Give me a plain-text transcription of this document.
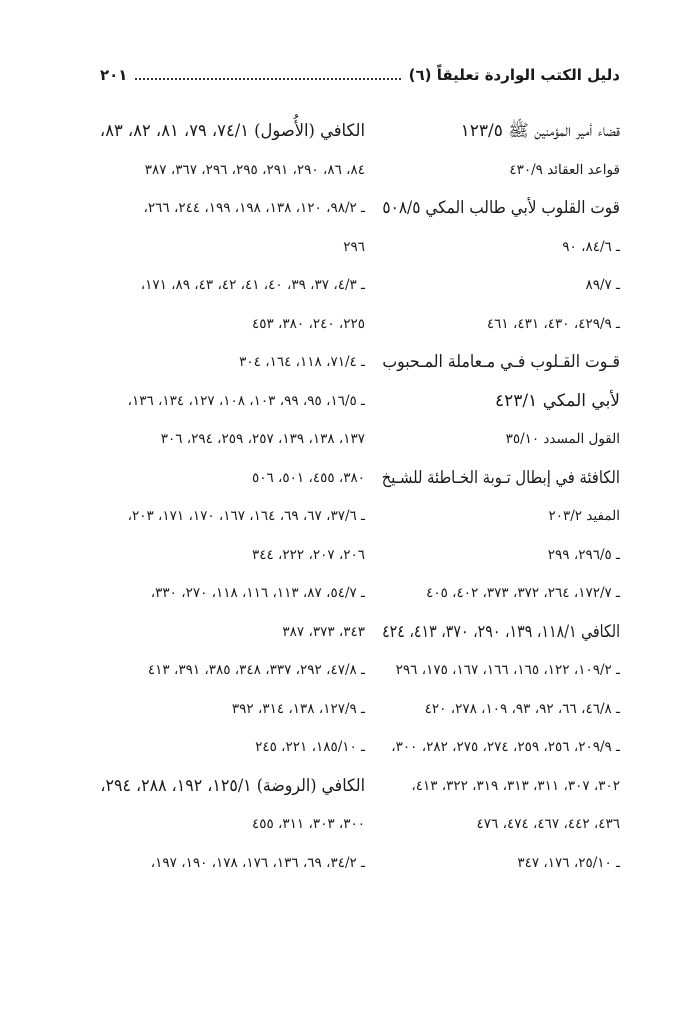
دليل الكتب الواردة تعليقاً (٦)
٢٠١
قضاء أمير المؤمنين ﷺ ١٢٣/٥
قواعد العقائد ٤٣٠/٩
قوت القلوب لأبي طالب المكي ٥٠٨/٥
ـ ٨٤/٦، ٩٠
ـ ٨٩/٧
ـ ٤٢٩/٩، ٤٣٠، ٤٣١، ٤٦١
قـوت القـلوب فـي مـعاملة المـحبوب
لأبي المكي ٤٢٣/١
القول المسدد ٣٥/١٠
الكافئة في إبطال تـوبة الخـاطئة للشـيخ
المفيد ٢٠٣/٢
ـ ٢٩٦/٥، ٢٩٩
ـ ١٧٢/٧، ٢٦٤، ٣٧٢، ٣٧٣، ٤٠٢، ٤٠٥
الكافي ١١٨/١، ١٣٩، ٢٩٠، ٣٧٠، ٤١٣، ٤٢٤
ـ ١٠٩/٢، ١٢٢، ١٦٥، ١٦٦، ١٦٧، ١٧٥، ٢٩٦
ـ ٤٦/٨، ٦٦، ٩٢، ٩٣، ١٠٩، ٢٧٨، ٤٢٠
ـ ٢٠٩/٩، ٢٥٦، ٢٥٩، ٢٧٤، ٢٧٥، ٢٨٢، ٣٠٠،
٣٠٢، ٣٠٧، ٣١١، ٣١٣، ٣١٩، ٣٢٢، ٤١٣،
٤٣٦، ٤٤٢، ٤٦٧، ٤٧٤، ٤٧٦
ـ ٢٥/١٠، ١٧٦، ٣٤٧
الكافي (الأُصول) ٧٤/١، ٧٩، ٨١، ٨٢، ٨٣،
٨٤، ٨٦، ٢٩٠، ٢٩١، ٢٩٥، ٢٩٦، ٣٦٧، ٣٨٧
ـ ٩٨/٢، ١٢٠، ١٣٨، ١٩٨، ١٩٩، ٢٤٤، ٢٦٦،
٢٩٦
ـ ٤/٣، ٣٧، ٣٩، ٤٠، ٤١، ٤٢، ٤٣، ٨٩، ١٧١،
٢٢٥، ٢٤٠، ٣٨٠، ٤٥٣
ـ ٧١/٤، ١١٨، ١٦٤، ٣٠٤
ـ ١٦/٥، ٩٥، ٩٩، ١٠٣، ١٠٨، ١٢٧، ١٣٤، ١٣٦،
١٣٧، ١٣٨، ١٣٩، ٢٥٧، ٢٥٩، ٢٩٤، ٣٠٦
٣٨٠، ٤٥٥، ٥٠١، ٥٠٦
ـ ٣٧/٦، ٦٧، ٦٩، ١٦٤، ١٦٧، ١٧٠، ١٧١، ٢٠٣،
٢٠٦، ٢٠٧، ٢٢٢، ٣٤٤
ـ ٥٤/٧، ٨٧، ١١٣، ١١٦، ١١٨، ٢٧٠، ٣٣٠،
٣٤٣، ٣٧٣، ٣٨٧
ـ ٤٧/٨، ٢٩٢، ٣٣٧، ٣٤٨، ٣٨٥، ٣٩١، ٤١٣
ـ ١٢٧/٩، ١٣٨، ٣١٤، ٣٩٢
ـ ١٨٥/١٠، ٢٢١، ٢٤٥
الكافي (الروضة) ١٢٥/١، ١٩٢، ٢٨٨، ٢٩٤،
٣٠٠، ٣٠٣، ٣١١، ٤٥٥
ـ ٣٤/٢، ٦٩، ١٣٦، ١٧٦، ١٧٨، ١٩٠، ١٩٧،
